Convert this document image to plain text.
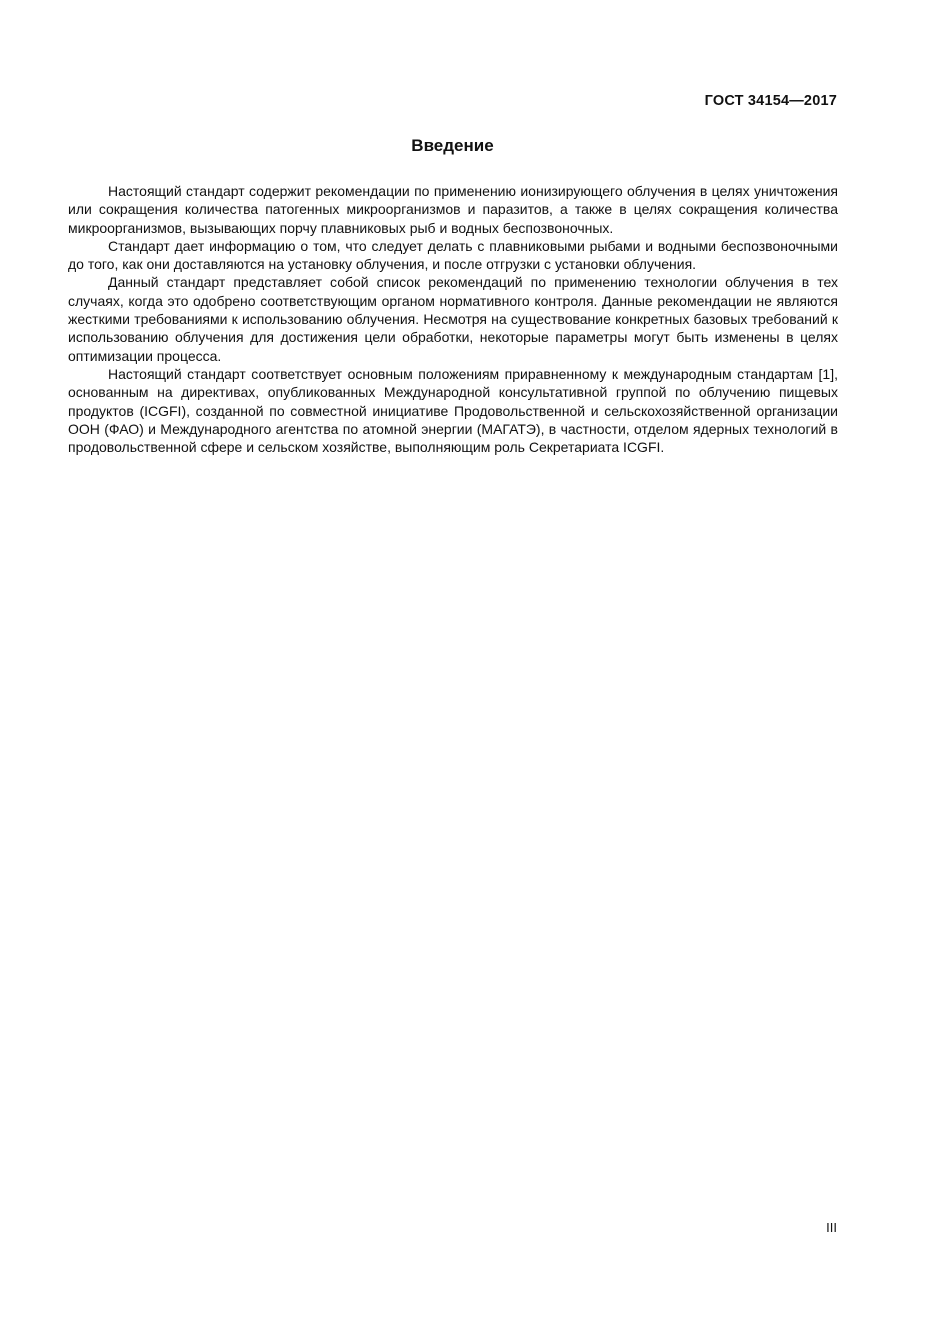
ГОСТ 34154—2017
Введение

Настоящий стандарт содержит рекомендации по применению ионизирующего облучения в целях уничтожения или сокращения количества патогенных микроорганизмов и паразитов, а также в целях сокращения количества микроорганизмов, вызывающих порчу плавниковых рыб и водных беспозвоночных.

Стандарт дает информацию о том, что следует делать с плавниковыми рыбами и водными беспозвоночными до того, как они доставляются на установку облучения, и после отгрузки с установки облучения.

Данный стандарт представляет собой список рекомендаций по применению технологии облучения в тех случаях, когда это одобрено соответствующим органом нормативного контроля. Данные рекомендации не являются жесткими требованиями к использованию облучения. Несмотря на существование конкретных базовых требований к использованию облучения для достижения цели обработки, некоторые параметры могут быть изменены в целях оптимизации процесса.

Настоящий стандарт соответствует основным положениям приравненному к международным стандартам [1], основанным на директивах, опубликованных Международной консультативной группой по облучению пищевых продуктов (ICGFI), созданной по совместной инициативе Продовольственной и сельскохозяйственной организации ООН (ФАО) и Международного агентства по атомной энергии (МАГАТЭ), в частности, отделом ядерных технологий в продовольственной сфере и сельском хозяйстве, выполняющим роль Секретариата ICGFI.

III
